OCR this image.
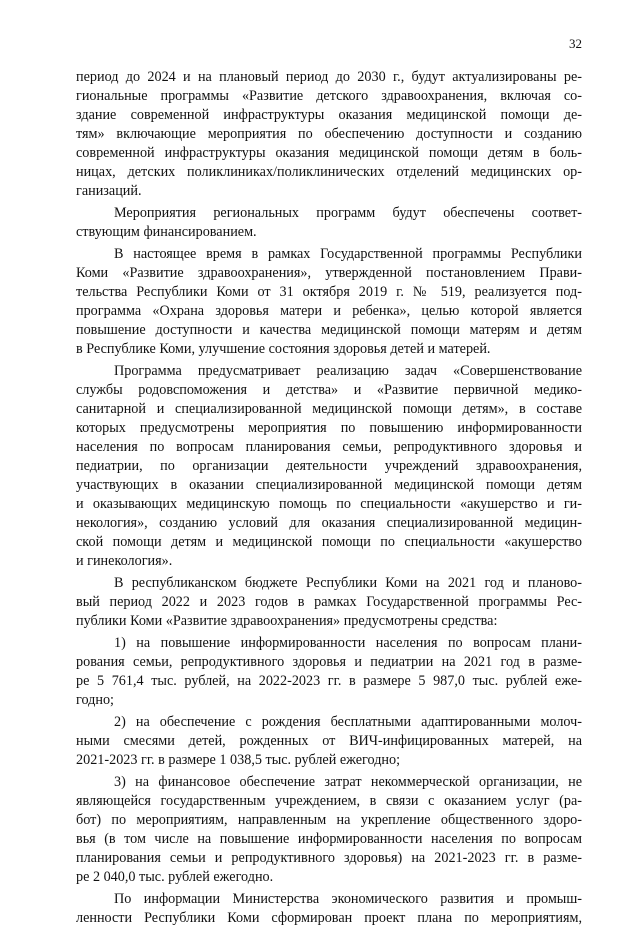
32
период до 2024 и на плановый период до 2030 г., будут актуализированы ре-
гиональные программы «Развитие детского здравоохранения, включая со-
здание современной инфраструктуры оказания медицинской помощи де-
тям» включающие мероприятия по обеспечению доступности и созданию
современной инфраструктуры оказания медицинской помощи детям в боль-
ницах, детских поликлиниках/поликлинических отделений медицинских ор-
ганизаций.
Мероприятия региональных программ будут обеспечены соответ-
ствующим финансированием.
В настоящее время в рамках Государственной программы Республики
Коми «Развитие здравоохранения», утвержденной постановлением Прави-
тельства Республики Коми от 31 октября 2019 г. № 519, реализуется под-
программа «Охрана здоровья матери и ребенка», целью которой является
повышение доступности и качества медицинской помощи матерям и детям
в Республике Коми, улучшение состояния здоровья детей и матерей.
Программа предусматривает реализацию задач «Совершенствование
службы родовспоможения и детства» и «Развитие первичной медико-
санитарной и специализированной медицинской помощи детям», в составе
которых предусмотрены мероприятия по повышению информированности
населения по вопросам планирования семьи, репродуктивного здоровья и
педиатрии, по организации деятельности учреждений здравоохранения,
участвующих в оказании специализированной медицинской помощи детям
и оказывающих медицинскую помощь по специальности «акушерство и ги-
некология», созданию условий для оказания специализированной медицин-
ской помощи детям и медицинской помощи по специальности «акушерство
и гинекология».
В республиканском бюджете Республики Коми на 2021 год и планово-
вый период 2022 и 2023 годов в рамках Государственной программы Рес-
публики Коми «Развитие здравоохранения» предусмотрены средства:
1) на повышение информированности населения по вопросам плани-
рования семьи, репродуктивного здоровья и педиатрии на 2021 год в разме-
ре 5 761,4 тыс. рублей, на 2022-2023 гг. в размере 5 987,0 тыс. рублей еже-
годно;
2) на обеспечение с рождения бесплатными адаптированными молоч-
ными смесями детей, рожденных от ВИЧ-инфицированных матерей, на
2021-2023 гг. в размере 1 038,5 тыс. рублей ежегодно;
3) на финансовое обеспечение затрат некоммерческой организации, не
являющейся государственным учреждением, в связи с оказанием услуг (ра-
бот) по мероприятиям, направленным на укрепление общественного здоро-
вья (в том числе на повышение информированности населения по вопросам
планирования семьи и репродуктивного здоровья) на 2021-2023 гг. в разме-
ре 2 040,0 тыс. рублей ежегодно.
По информации Министерства экономического развития и промыш-
ленности Республики Коми сформирован проект плана по мероприятиям,
